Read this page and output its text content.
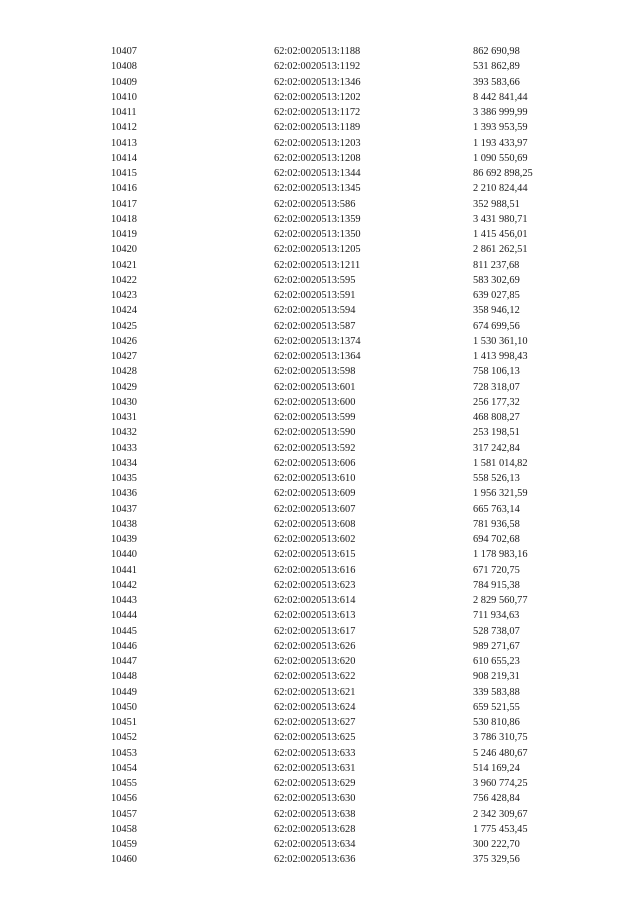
10407	62:02:0020513:1188	862 690,98
10408	62:02:0020513:1192	531 862,89
10409	62:02:0020513:1346	393 583,66
10410	62:02:0020513:1202	8 442 841,44
10411	62:02:0020513:1172	3 386 999,99
10412	62:02:0020513:1189	1 393 953,59
10413	62:02:0020513:1203	1 193 433,97
10414	62:02:0020513:1208	1 090 550,69
10415	62:02:0020513:1344	86 692 898,25
10416	62:02:0020513:1345	2 210 824,44
10417	62:02:0020513:586	352 988,51
10418	62:02:0020513:1359	3 431 980,71
10419	62:02:0020513:1350	1 415 456,01
10420	62:02:0020513:1205	2 861 262,51
10421	62:02:0020513:1211	811 237,68
10422	62:02:0020513:595	583 302,69
10423	62:02:0020513:591	639 027,85
10424	62:02:0020513:594	358 946,12
10425	62:02:0020513:587	674 699,56
10426	62:02:0020513:1374	1 530 361,10
10427	62:02:0020513:1364	1 413 998,43
10428	62:02:0020513:598	758 106,13
10429	62:02:0020513:601	728 318,07
10430	62:02:0020513:600	256 177,32
10431	62:02:0020513:599	468 808,27
10432	62:02:0020513:590	253 198,51
10433	62:02:0020513:592	317 242,84
10434	62:02:0020513:606	1 581 014,82
10435	62:02:0020513:610	558 526,13
10436	62:02:0020513:609	1 956 321,59
10437	62:02:0020513:607	665 763,14
10438	62:02:0020513:608	781 936,58
10439	62:02:0020513:602	694 702,68
10440	62:02:0020513:615	1 178 983,16
10441	62:02:0020513:616	671 720,75
10442	62:02:0020513:623	784 915,38
10443	62:02:0020513:614	2 829 560,77
10444	62:02:0020513:613	711 934,63
10445	62:02:0020513:617	528 738,07
10446	62:02:0020513:626	989 271,67
10447	62:02:0020513:620	610 655,23
10448	62:02:0020513:622	908 219,31
10449	62:02:0020513:621	339 583,88
10450	62:02:0020513:624	659 521,55
10451	62:02:0020513:627	530 810,86
10452	62:02:0020513:625	3 786 310,75
10453	62:02:0020513:633	5 246 480,67
10454	62:02:0020513:631	514 169,24
10455	62:02:0020513:629	3 960 774,25
10456	62:02:0020513:630	756 428,84
10457	62:02:0020513:638	2 342 309,67
10458	62:02:0020513:628	1 775 453,45
10459	62:02:0020513:634	300 222,70
10460	62:02:0020513:636	375 329,56
